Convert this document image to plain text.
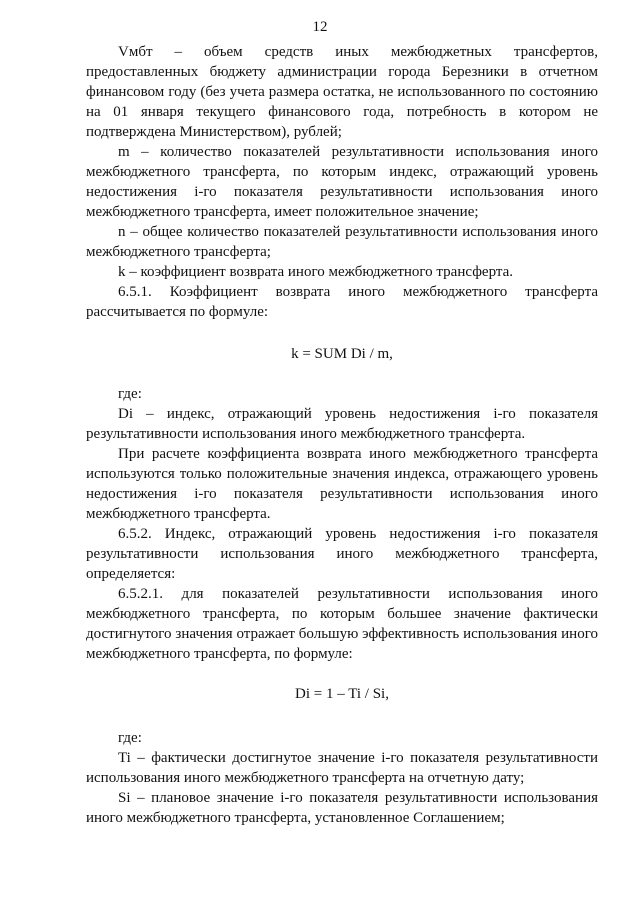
12

Vмбт – объем средств иных межбюджетных трансфертов, предоставленных бюджету администрации города Березники в отчетном финансовом году (без учета размера остатка, не использованного по состоянию на 01 января текущего финансового года, потребность в котором не подтверждена Министерством), рублей;

m – количество показателей результативности использования иного межбюджетного трансферта, по которым индекс, отражающий уровень недостижения i-го показателя результативности использования иного межбюджетного трансферта, имеет положительное значение;

n – общее количество показателей результативности использования иного межбюджетного трансферта;

k – коэффициент возврата иного межбюджетного трансферта.

6.5.1. Коэффициент возврата иного межбюджетного трансферта рассчитывается по формуле:

k = SUM Di / m,

где:

Di – индекс, отражающий уровень недостижения i-го показателя результативности использования иного межбюджетного трансферта.

При расчете коэффициента возврата иного межбюджетного трансферта используются только положительные значения индекса, отражающего уровень недостижения i-го показателя результативности использования иного межбюджетного трансферта.

6.5.2. Индекс, отражающий уровень недостижения i-го показателя результативности использования иного межбюджетного трансферта, определяется:

6.5.2.1. для показателей результативности использования иного межбюджетного трансферта, по которым большее значение фактически достигнутого значения отражает большую эффективность использования иного межбюджетного трансферта, по формуле:

Di = 1 – Ti / Si,

где:

Ti – фактически достигнутое значение i-го показателя результативности использования иного межбюджетного трансферта на отчетную дату;

Si – плановое значение i-го показателя результативности использования иного межбюджетного трансферта, установленное Соглашением;
